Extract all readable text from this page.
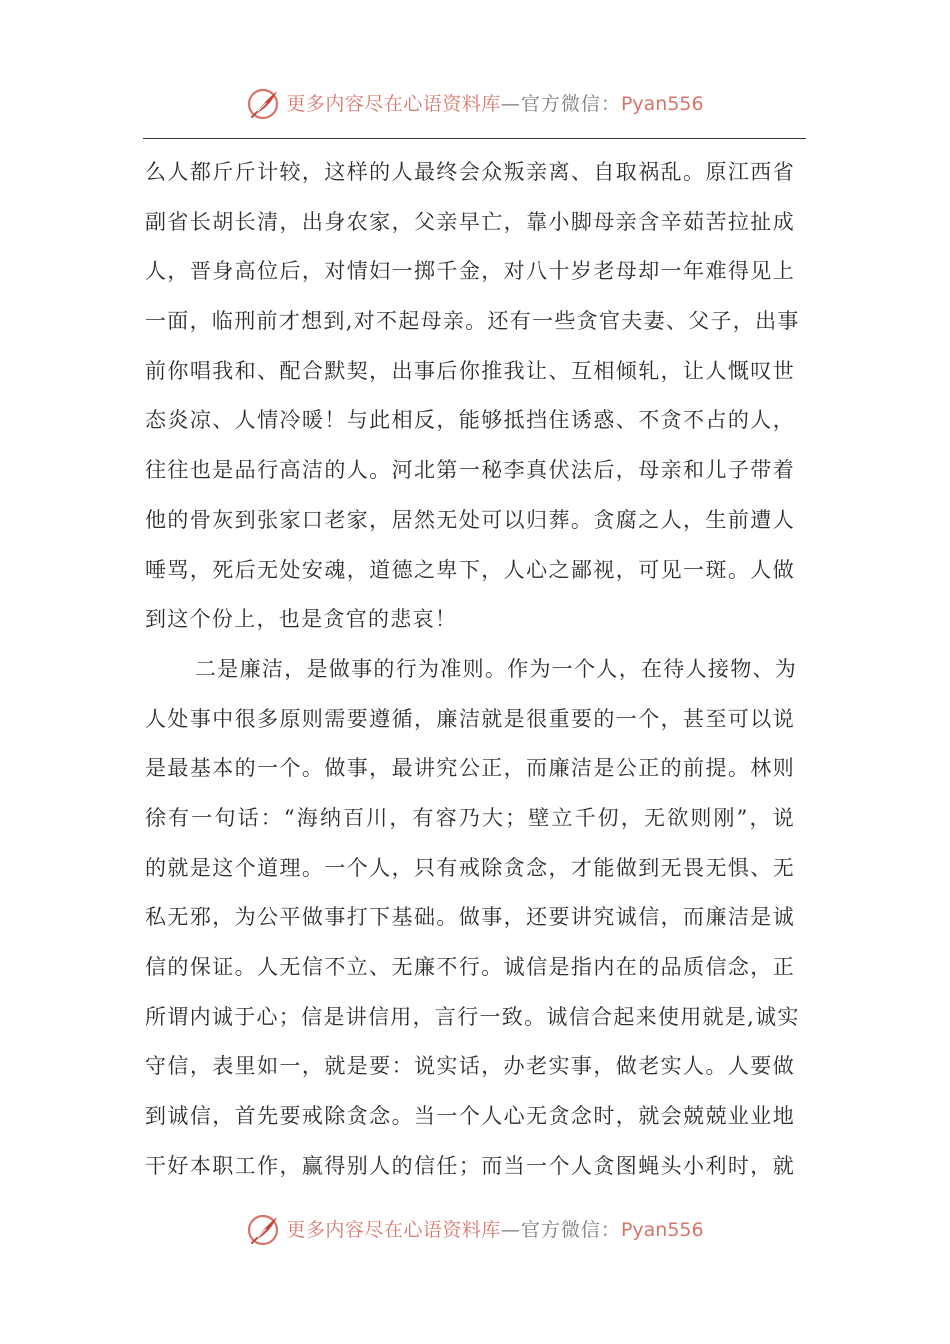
更多内容尽在心语资料库—官方微信：Pyan556
么人都斤斤计较，这样的人最终会众叛亲离、自取祸乱。原江西省
副省长胡长清，出身农家，父亲早亡，靠小脚母亲含辛茹苦拉扯成
人，晋身高位后，对情妇一掷千金，对八十岁老母却一年难得见上
一面，临刑前才想到,对不起母亲。还有一些贪官夫妻、父子，出事
前你唱我和、配合默契，出事后你推我让、互相倾轧，让人慨叹世
态炎凉、人情冷暖！与此相反，能够抵挡住诱惑、不贪不占的人，
往往也是品行高洁的人。河北第一秘李真伏法后，母亲和儿子带着
他的骨灰到张家口老家，居然无处可以归葬。贪腐之人，生前遭人
唾骂，死后无处安魂，道德之卑下，人心之鄙视，可见一斑。人做
到这个份上，也是贪官的悲哀！
二是廉洁，是做事的行为准则。作为一个人，在待人接物、为
人处事中很多原则需要遵循，廉洁就是很重要的一个，甚至可以说
是最基本的一个。做事，最讲究公正，而廉洁是公正的前提。林则
徐有一句话：“海纳百川，有容乃大；壁立千仞，无欲则刚”，说
的就是这个道理。一个人，只有戒除贪念，才能做到无畏无惧、无
私无邪，为公平做事打下基础。做事，还要讲究诚信，而廉洁是诚
信的保证。人无信不立、无廉不行。诚信是指内在的品质信念，正
所谓内诚于心；信是讲信用，言行一致。诚信合起来使用就是,诚实
守信，表里如一，就是要：说实话，办老实事，做老实人。人要做
到诚信，首先要戒除贪念。当一个人心无贪念时，就会兢兢业业地
干好本职工作，赢得别人的信任；而当一个人贪图蝇头小利时，就
更多内容尽在心语资料库—官方微信：Pyan556
